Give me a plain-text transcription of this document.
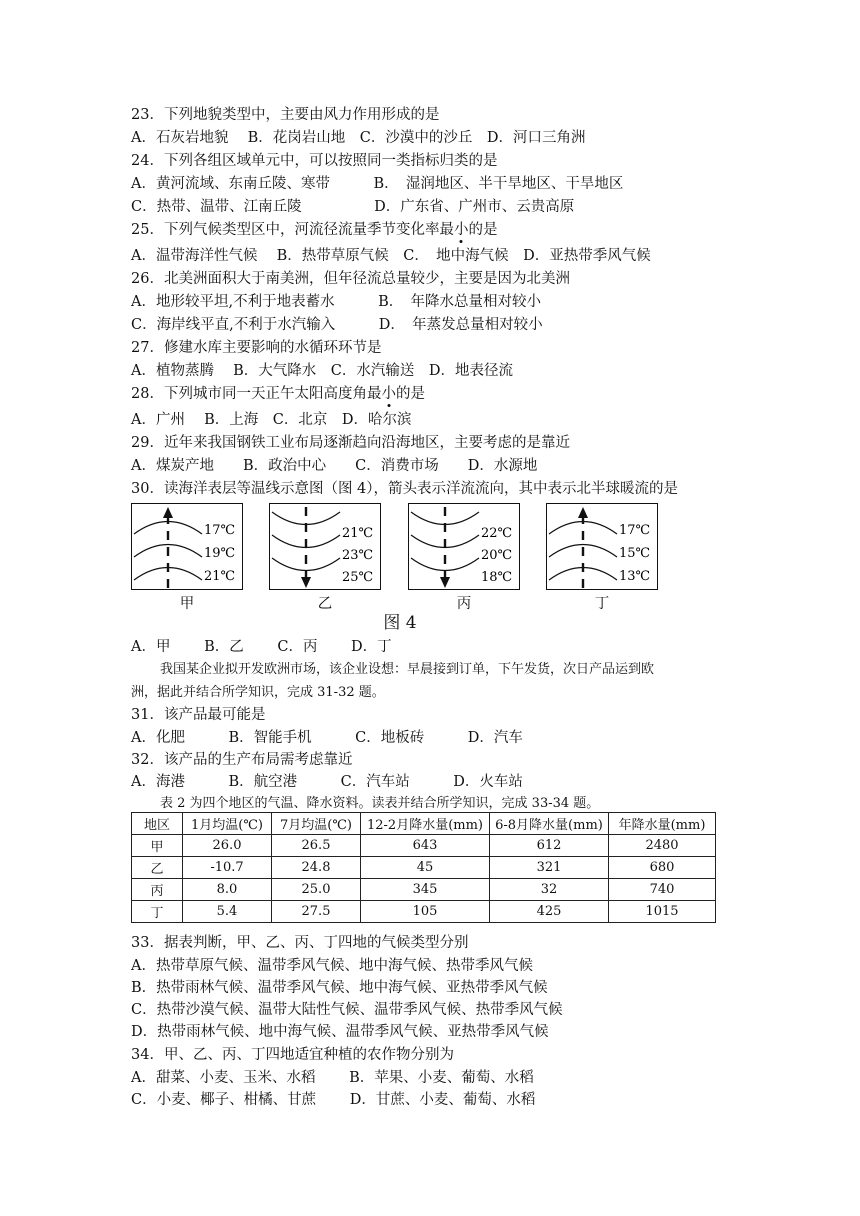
23．下列地貌类型中，主要由风力作用形成的是
A．石灰岩地貌　 B．花岗岩山地　C．沙漠中的沙丘　D．河口三角洲
24．下列各组区域单元中，可以按照同一类指标归类的是
A．黄河流域、东南丘陵、寒带　　　B．　湿润地区、半干旱地区、干旱地区
C．热带、温带、江南丘陵　　　　　D．广东省、广州市、云贵高原
25．下列气候类型区中，河流径流量季节变化率最小的是
A．温带海洋性气候　 B．热带草原气候　C．　地中海气候　D．亚热带季风气候
26．北美洲面积大于南美洲，但年径流总量较少，主要是因为北美洲
A．地形较平坦,不利于地表蓄水　　　B．　年降水总量相对较小
C．海岸线平直,不利于水汽输入　　　D．　年蒸发总量相对较小
27．修建水库主要影响的水循环环节是
A．植物蒸腾　 B．大气降水　C．水汽输送　D．地表径流
28．下列城市同一天正午太阳高度角最小的是
A．广州　 B．上海　C．北京　D．哈尔滨
29．近年来我国钢铁工业布局逐渐趋向沿海地区，主要考虑的是靠近
A．煤炭产地　　B．政治中心　　C．消费市场　　D．水源地
30．读海洋表层等温线示意图（图 4），箭头表示洋流流向，其中表示北半球暖流的是
17℃
19℃
21℃
21℃
23℃
25℃
22℃
20℃
18℃
17℃
15℃
13℃
甲	乙	丙	丁
图 4
A．甲　　 B．乙　　 C．丙　　 D．丁
我国某企业拟开发欧洲市场，该企业设想：早晨接到订单，下午发货，次日产品运到欧
洲，据此并结合所学知识，完成 31-32 题。
31．该产品最可能是
A．化肥　　　B．智能手机　　　C．地板砖　　　D．汽车
32．该产品的生产布局需考虑靠近
A．海港　　　B．航空港　　　C．汽车站　　　D．火车站
表 2 为四个地区的气温、降水资料。读表并结合所学知识，完成 33-34 题。
地区	1月均温(℃)	7月均温(℃)	12-2月降水量(mm)	6-8月降水量(mm)	年降水量(mm)
甲	26.0	26.5	643	612	2480
乙	-10.7	24.8	45	321	680
丙	8.0	25.0	345	32	740
丁	5.4	27.5	105	425	1015
33．据表判断，甲、乙、丙、丁四地的气候类型分别
A．热带草原气候、温带季风气候、地中海气候、热带季风气候
B．热带雨林气候、温带季风气候、地中海气候、亚热带季风气候
C．热带沙漠气候、温带大陆性气候、温带季风气候、热带季风气候
D．热带雨林气候、地中海气候、温带季风气候、亚热带季风气候
34．甲、乙、丙、丁四地适宜种植的农作物分别为
A．甜菜、小麦、玉米、水稻　　 B．苹果、小麦、葡萄、水稻
C．小麦、椰子、柑橘、甘蔗　　 D．甘蔗、小麦、葡萄、水稻
